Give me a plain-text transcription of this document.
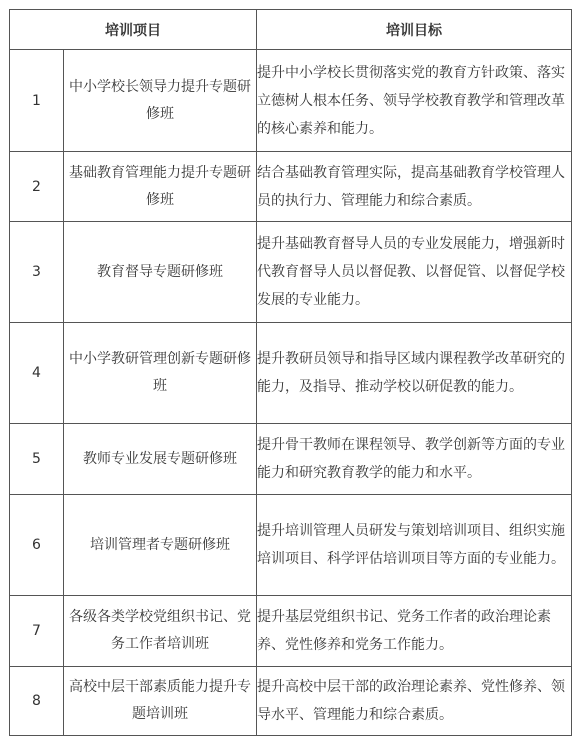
培训项目		培训目标
1	中小学校长领导力提升专题研修班	提升中小学校长贯彻落实党的教育方针政策、落实立德树人根本任务、领导学校教育教学和管理改革的核心素养和能力。
2	基础教育管理能力提升专题研修班	结合基础教育管理实际，提高基础教育学校管理人员的执行力、管理能力和综合素质。
3	教育督导专题研修班	提升基础教育督导人员的专业发展能力，增强新时代教育督导人员以督促教、以督促管、以督促学校发展的专业能力。
4	中小学教研管理创新专题研修班	提升教研员领导和指导区域内课程教学改革研究的能力，及指导、推动学校以研促教的能力。
5	教师专业发展专题研修班	提升骨干教师在课程领导、教学创新等方面的专业能力和研究教育教学的能力和水平。
6	培训管理者专题研修班	提升培训管理人员研发与策划培训项目、组织实施培训项目、科学评估培训项目等方面的专业能力。
7	各级各类学校党组织书记、党务工作者培训班	提升基层党组织书记、党务工作者的政治理论素养、党性修养和党务工作能力。
8	高校中层干部素质能力提升专题培训班	提升高校中层干部的政治理论素养、党性修养、领导水平、管理能力和综合素质。
